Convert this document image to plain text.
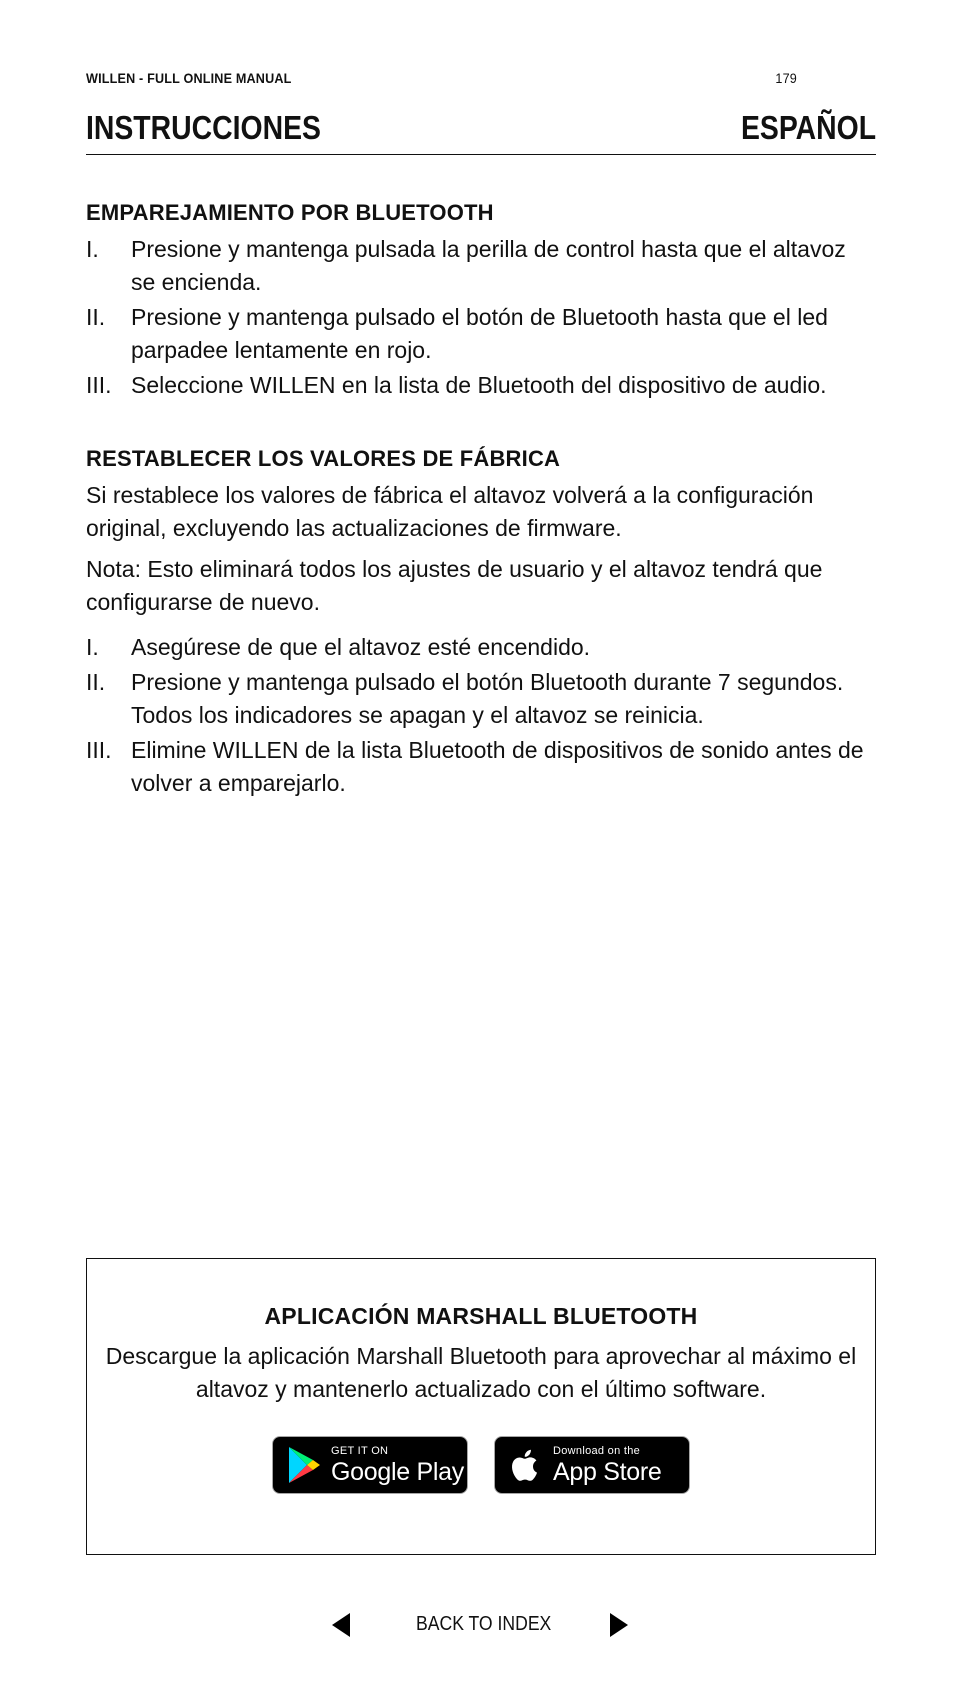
WILLEN - FULL ONLINE MANUAL	179
INSTRUCCIONES	ESPAÑOL
EMPAREJAMIENTO POR BLUETOOTH
I. Presione y mantenga pulsada la perilla de control hasta que el altavoz se encienda.
II. Presione y mantenga pulsado el botón de Bluetooth hasta que el led parpadee lentamente en rojo.
III. Seleccione WILLEN en la lista de Bluetooth del dispositivo de audio.
RESTABLECER LOS VALORES DE FÁBRICA

Si restablece los valores de fábrica el altavoz volverá a la configuración original, excluyendo las actualizaciones de firmware.

Nota: Esto eliminará todos los ajustes de usuario y el altavoz tendrá que configurarse de nuevo.

I. Asegúrese de que el altavoz esté encendido.
II. Presione y mantenga pulsado el botón Bluetooth durante 7 segundos. Todos los indicadores se apagan y el altavoz se reinicia.
III. Elimine WILLEN de la lista Bluetooth de dispositivos de sonido antes de volver a emparejarlo.
APLICACIÓN MARSHALL BLUETOOTH

Descargue la aplicación Marshall Bluetooth para aprovechar al máximo el altavoz y mantenerlo actualizado con el último software.

GET IT ON
Google Play
Download on the
App Store
BACK TO INDEX
